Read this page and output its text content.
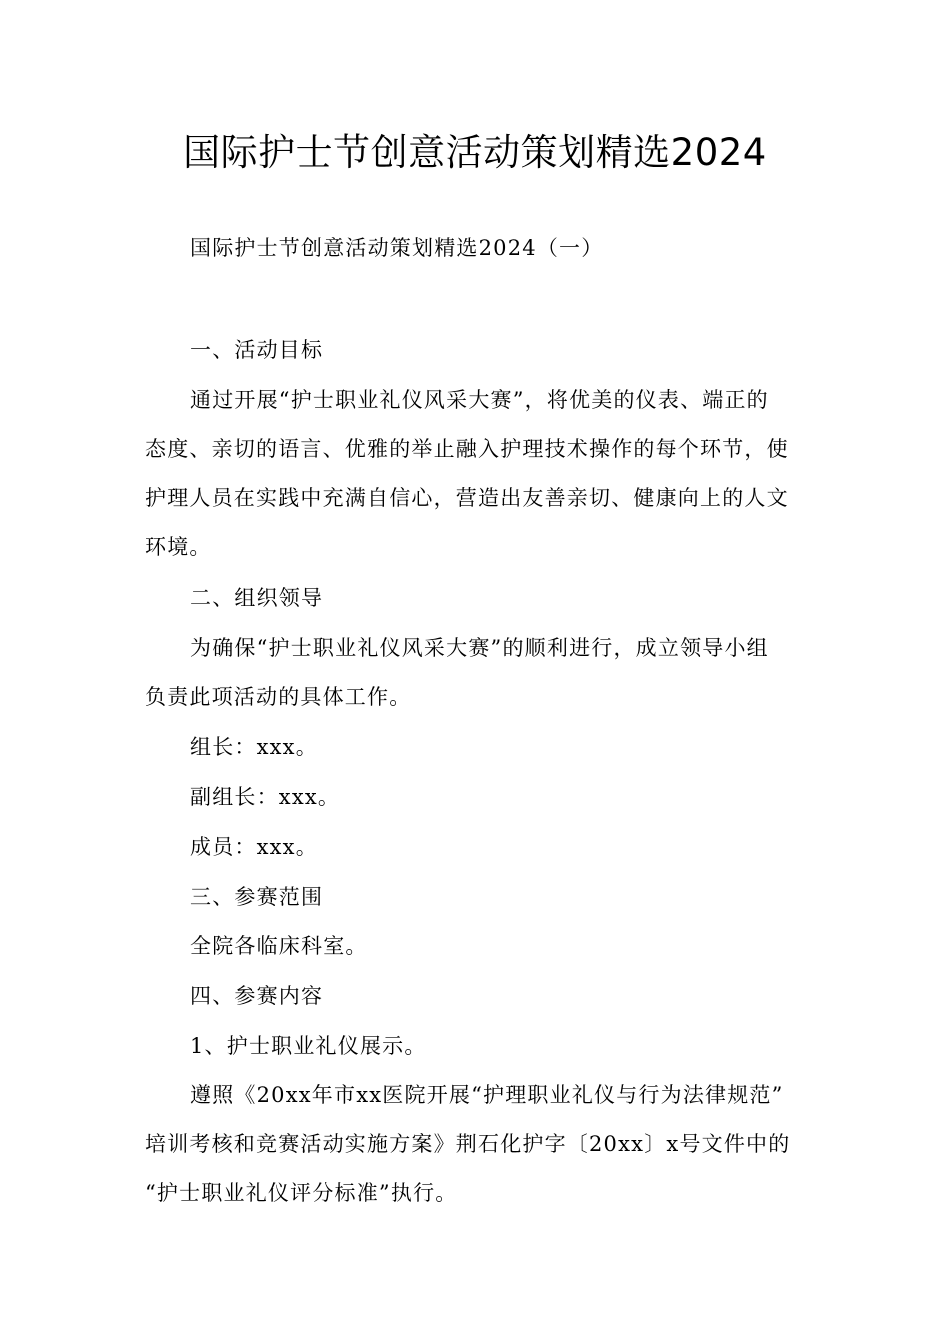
国际护士节创意活动策划精选2024

国际护士节创意活动策划精选2024（一）

一、活动目标

通过开展“护士职业礼仪风采大赛”，将优美的仪表、端正的

态度、亲切的语言、优雅的举止融入护理技术操作的每个环节，使
护理人员在实践中充满自信心，营造出友善亲切、健康向上的人文
环境。

二、组织领导

为确保“护士职业礼仪风采大赛”的顺利进行，成立领导小组

负责此项活动的具体工作。

组长：xxx。

副组长：xxx。

成员：xxx。

三、参赛范围

全院各临床科室。

四、参赛内容

1、护士职业礼仪展示。

遵照《20xx年市xx医院开展“护理职业礼仪与行为法律规范”

培训考核和竞赛活动实施方案》荆石化护字〔20xx〕x号文件中的
“护士职业礼仪评分标准”执行。
